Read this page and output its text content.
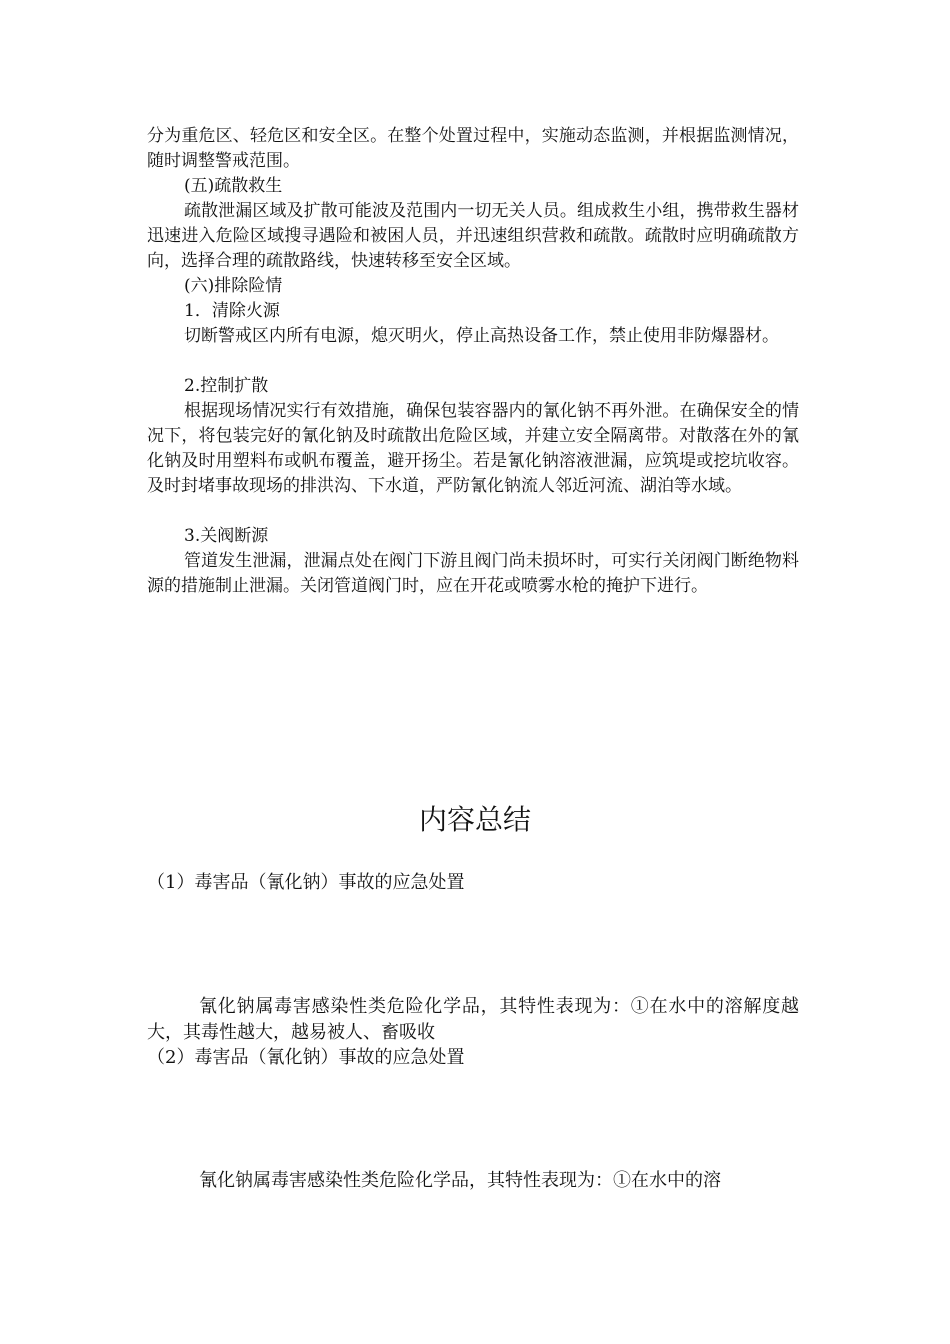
分为重危区、轻危区和安全区。在整个处置过程中，实施动态监测，并根据监测情况，随时调整警戒范围。

(五)疏散救生

疏散泄漏区域及扩散可能波及范围内一切无关人员。组成救生小组，携带救生器材迅速进入危险区域搜寻遇险和被困人员，并迅速组织营救和疏散。疏散时应明确疏散方向，选择合理的疏散路线，快速转移至安全区域。

(六)排除险情

1．清除火源

切断警戒区内所有电源，熄灭明火，停止高热设备工作，禁止使用非防爆器材。

2.控制扩散

根据现场情况实行有效措施，确保包装容器内的氰化钠不再外泄。在确保安全的情况下，将包装完好的氰化钠及时疏散出危险区域，并建立安全隔离带。对散落在外的氰化钠及时用塑料布或帆布覆盖，避开扬尘。若是氰化钠溶液泄漏，应筑堤或挖坑收容。及时封堵事故现场的排洪沟、下水道，严防氰化钠流人邻近河流、湖泊等水域。

3.关阀断源

管道发生泄漏，泄漏点处在阀门下游且阀门尚未损坏时，可实行关闭阀门断绝物料源的措施制止泄漏。关闭管道阀门时，应在开花或喷雾水枪的掩护下进行。

内容总结

（1）毒害品（氰化钠）事故的应急处置

氰化钠属毒害感染性类危险化学品，其特性表现为：①在水中的溶解度越大，其毒性越大，越易被人、畜吸收

（2）毒害品（氰化钠）事故的应急处置

氰化钠属毒害感染性类危险化学品，其特性表现为：①在水中的溶
